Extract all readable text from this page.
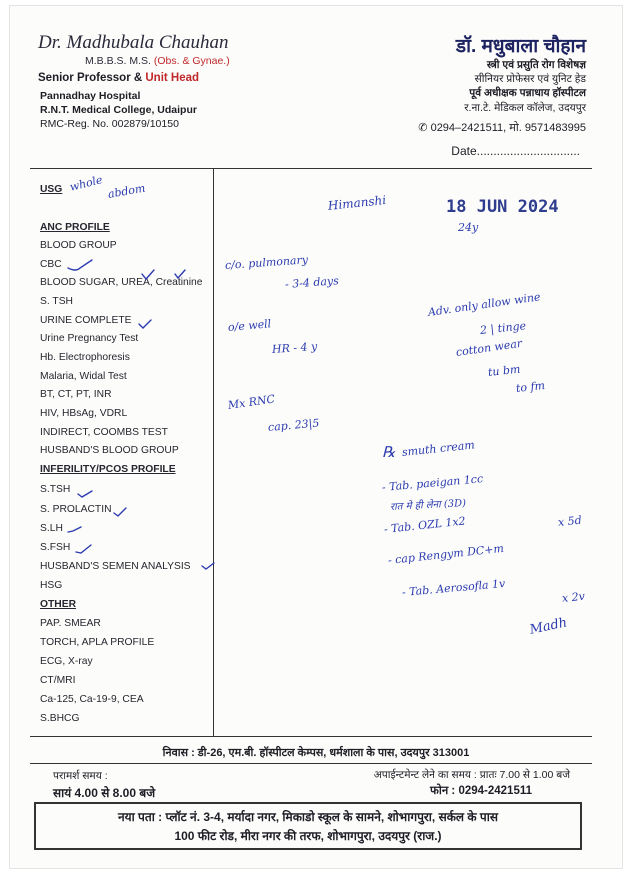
Dr. Madhubala Chauhan
M.B.B.S. M.S. (Obs. & Gynae.)
Senior Professor & Unit Head
Pannadhay Hospital
R.N.T. Medical College, Udaipur
RMC-Reg. No. 002879/10150
डॉ. मधुबाला चौहान
स्त्री एवं प्रसुति रोग विशेषज्ञ
सीनियर प्रोफेसर एवं युनिट हेड
पूर्व अधीक्षक पन्नाधाय हॉस्पीटल
र.ना.टे. मेडिकल कॉलेज, उदयपुर
✆ 0294–2421511, मो. 9571483995
Date...............................
USG
ANC PROFILE
BLOOD GROUP
CBC
BLOOD SUGAR, UREA, Creatinine
S. TSH
URINE COMPLETE
Urine Pregnancy Test
Hb. Electrophoresis
Malaria, Widal Test
BT, CT, PT, INR
HIV, HBsAg, VDRL
INDIRECT, COOMBS TEST
HUSBAND'S BLOOD GROUP
INFERILITY/PCOS PROFILE
S.TSH
S. PROLACTIN
S.LH
S.FSH
HUSBAND'S SEMEN ANALYSIS
HSG
OTHER
PAP. SMEAR
TORCH, APLA PROFILE
ECG, X-ray
CT/MRI
Ca-125, Ca-19-9, CEA
S.BHCG
whole abdom
Himanshi	18 JUN 2024
24y
c/o. pulmonary
- 3-4 days
o/e well
HR - 4 y
Adv. only allow wine
2 | tinge
cotton wear
tu bm
to fm
Mx RNC
cap. 23|5
℞ smuth cream
- Tab. paeigan 1cc
रात मे ही लेना (3D)
- Tab. OZL 1x2	x 5d
- cap Rengym DC+m
- Tab. Aerosofla 1v	x 2v
Madh
निवास : डी-26, एम.बी. हॉस्पीटल केम्पस, धर्मशाला के पास, उदयपुर 313001
परामर्श समय :
सायं 4.00 से 8.00 बजे
अपाईन्टमेन्ट लेने का समय : प्रातः 7.00 से 1.00 बजे
फोन : 0294-2421511
नया पता : प्लॉट नं. 3-4, मर्यादा नगर, मिकाडो स्कूल के सामने, शोभागपुरा, सर्कल के पास
100 फीट रोड, मीरा नगर की तरफ, शोभागपुरा, उदयपुर (राज.)
